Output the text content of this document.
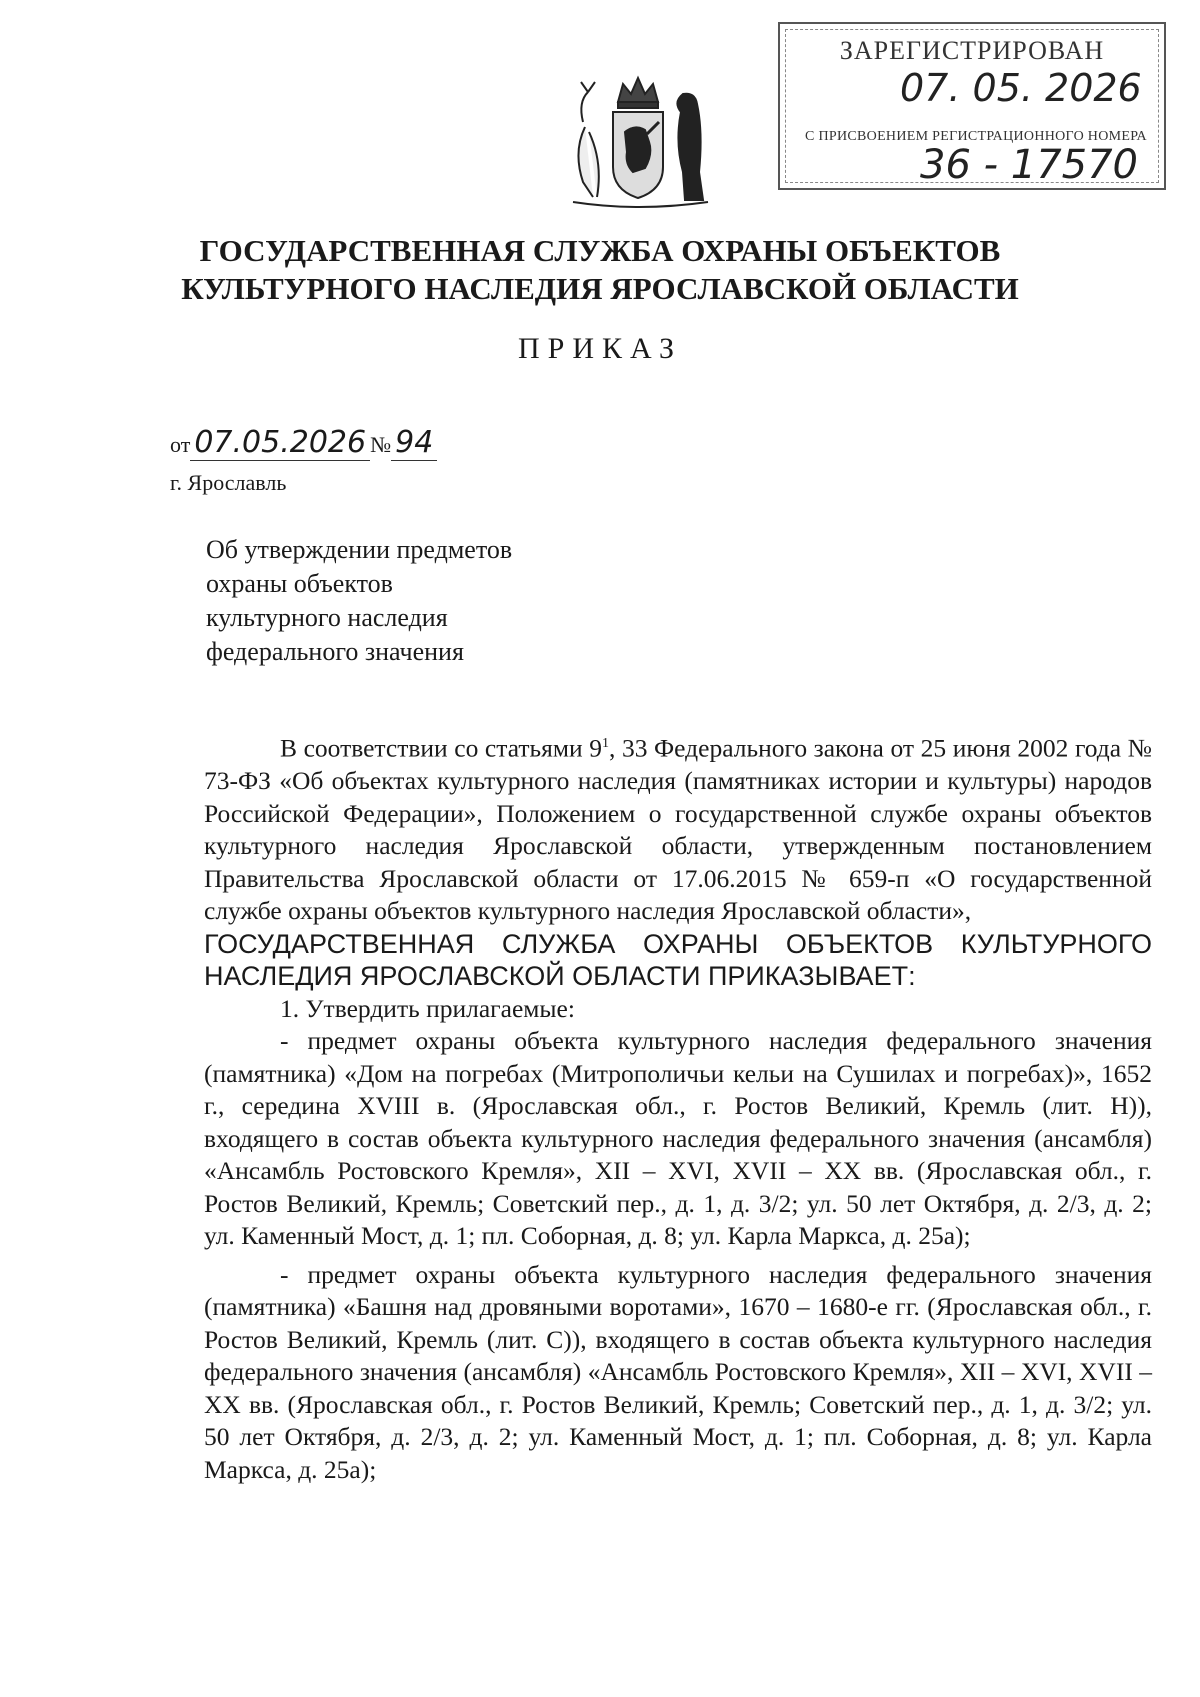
ЗАРЕГИСТРИРОВАН
07. 05. 2026
С ПРИСВОЕНИЕМ РЕГИСТРАЦИОННОГО НОМЕРА
36 - 17570
ГОСУДАРСТВЕННАЯ СЛУЖБА ОХРАНЫ ОБЪЕКТОВ
КУЛЬТУРНОГО НАСЛЕДИЯ ЯРОСЛАВСКОЙ ОБЛАСТИ
ПРИКАЗ
от 07.05.2026 № 94
г. Ярославль
Об утверждении предметов
охраны объектов
культурного наследия
федерального значения

В соответствии со статьями $9^1$, 33 Федерального закона от 25 июня 2002 года № 73-ФЗ «Об объектах культурного наследия (памятниках истории и культуры) народов Российской Федерации», Положением о государственной службе охраны объектов культурного наследия Ярославской области, утвержденным постановлением Правительства Ярославской области от 17.06.2015 № 659-п «О государственной службе охраны объектов культурного наследия Ярославской области»,

ГОСУДАРСТВЕННАЯ СЛУЖБА ОХРАНЫ ОБЪЕКТОВ КУЛЬТУРНОГО НАСЛЕДИЯ ЯРОСЛАВСКОЙ ОБЛАСТИ ПРИКАЗЫВАЕТ:

1. Утвердить прилагаемые:

- предмет охраны объекта культурного наследия федерального значения (памятника) «Дом на погребах (Митрополичьи кельи на Сушилах и погребах)», 1652 г., середина XVIII в. (Ярославская обл., г. Ростов Великий, Кремль (лит. Н)), входящего в состав объекта культурного наследия федерального значения (ансамбля) «Ансамбль Ростовского Кремля», XII – XVI, XVII – XX вв. (Ярославская обл., г. Ростов Великий, Кремль; Советский пер., д. 1, д. 3/2; ул. 50 лет Октября, д. 2/3, д. 2; ул. Каменный Мост, д. 1; пл. Соборная, д. 8; ул. Карла Маркса, д. 25а);

- предмет охраны объекта культурного наследия федерального значения (памятника) «Башня над дровяными воротами», 1670 – 1680-е гг. (Ярославская обл., г. Ростов Великий, Кремль (лит. С)), входящего в состав объекта культурного наследия федерального значения (ансамбля) «Ансамбль Ростовского Кремля», XII – XVI, XVII – XX вв. (Ярославская обл., г. Ростов Великий, Кремль; Советский пер., д. 1, д. 3/2; ул. 50 лет Октября, д. 2/3, д. 2; ул. Каменный Мост, д. 1; пл. Соборная, д. 8; ул. Карла Маркса, д. 25а);
